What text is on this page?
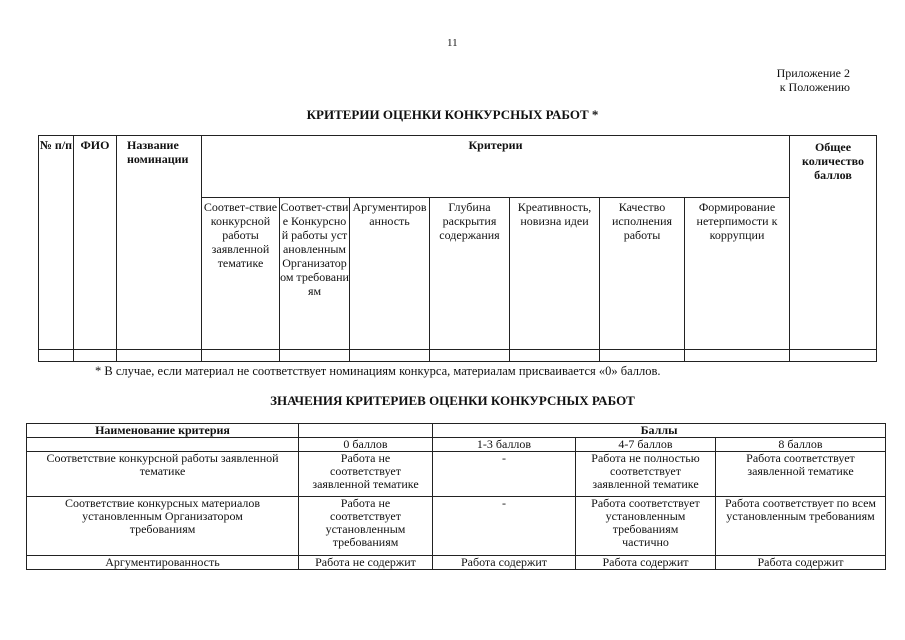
11
Приложение 2
к Положению
КРИТЕРИИ ОЦЕНКИ КОНКУРСНЫХ РАБОТ *
№ п/п	ФИО	Название номинации	Критерии							Общее количество баллов
			Соответ-ствие конкурсной работы заявленной тематике	Соответ-ствие Конкурсной работы установленным Организатором требованиям	Аргументированность	Глубина раскрытия содержания	Креативность, новизна идеи	Качество исполнения работы	Формирование нетерпимости к коррупции	

* В случае, если материал не соответствует номинациям конкурса, материалам присваивается «0» баллов.
ЗНАЧЕНИЯ КРИТЕРИЕВ ОЦЕНКИ КОНКУРСНЫХ РАБОТ
Наименование критерия		Баллы		
	0 баллов	1-3 баллов	4-7 баллов	8 баллов
Соответствие конкурсной работы заявленной тематике	Работа не соответствует заявленной тематике	-	Работа не полностью соответствует заявленной тематике	Работа соответствует заявленной тематике
Соответствие конкурсных материалов установленным Организатором требованиям	Работа не соответствует установленным требованиям	-	Работа соответствует установленным требованиям частично	Работа соответствует по всем установленным требованиям
Аргументированность	Работа не содержит	Работа содержит	Работа содержит	Работа содержит
